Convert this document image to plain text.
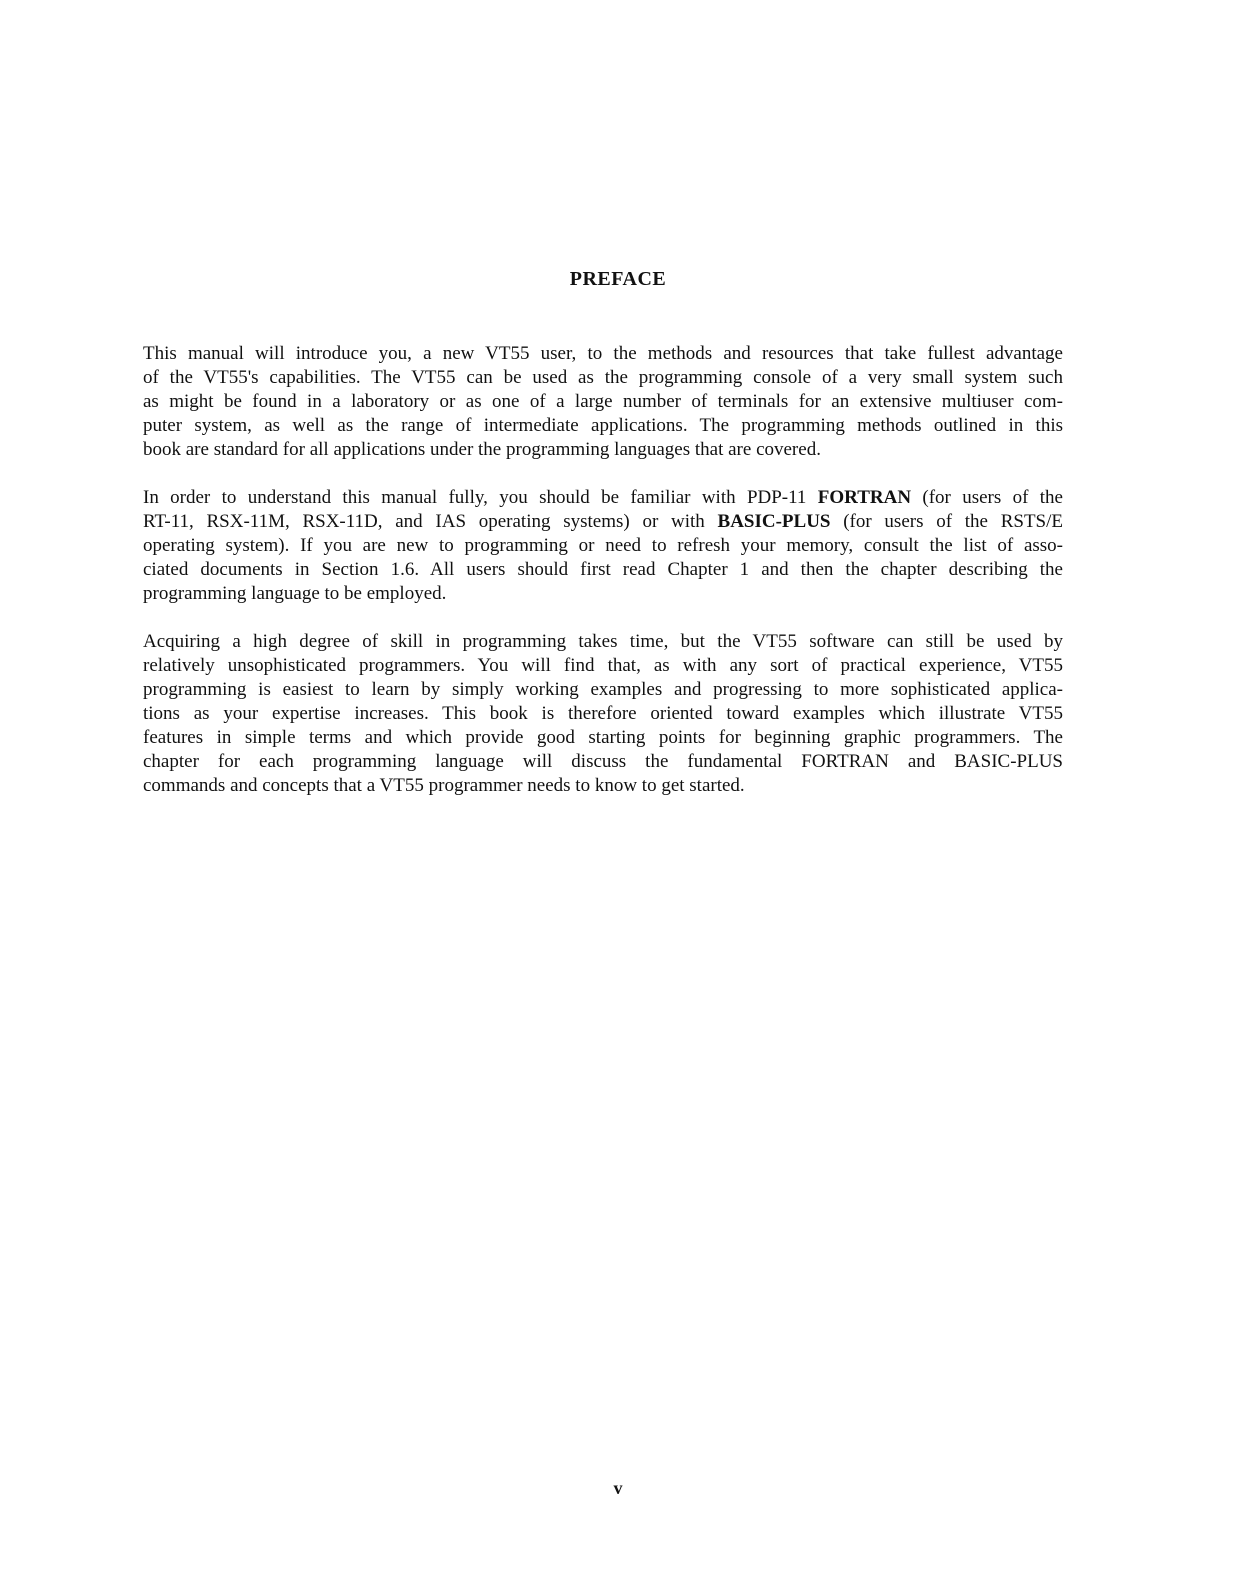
PREFACE

This manual will introduce you, a new VT55 user, to the methods and resources that take fullest advantage
of the VT55's capabilities. The VT55 can be used as the programming console of a very small system such
as might be found in a laboratory or as one of a large number of terminals for an extensive multiuser com-
puter system, as well as the range of intermediate applications. The programming methods outlined in this
book are standard for all applications under the programming languages that are covered.

In order to understand this manual fully, you should be familiar with PDP-11 FORTRAN (for users of the
RT-11, RSX-11M, RSX-11D, and IAS operating systems) or with BASIC-PLUS (for users of the RSTS/E
operating system). If you are new to programming or need to refresh your memory, consult the list of asso-
ciated documents in Section 1.6. All users should first read Chapter 1 and then the chapter describing the
programming language to be employed.

Acquiring a high degree of skill in programming takes time, but the VT55 software can still be used by
relatively unsophisticated programmers. You will find that, as with any sort of practical experience, VT55
programming is easiest to learn by simply working examples and progressing to more sophisticated applica-
tions as your expertise increases. This book is therefore oriented toward examples which illustrate VT55
features in simple terms and which provide good starting points for beginning graphic programmers. The
chapter for each programming language will discuss the fundamental FORTRAN and BASIC-PLUS
commands and concepts that a VT55 programmer needs to know to get started.

v
